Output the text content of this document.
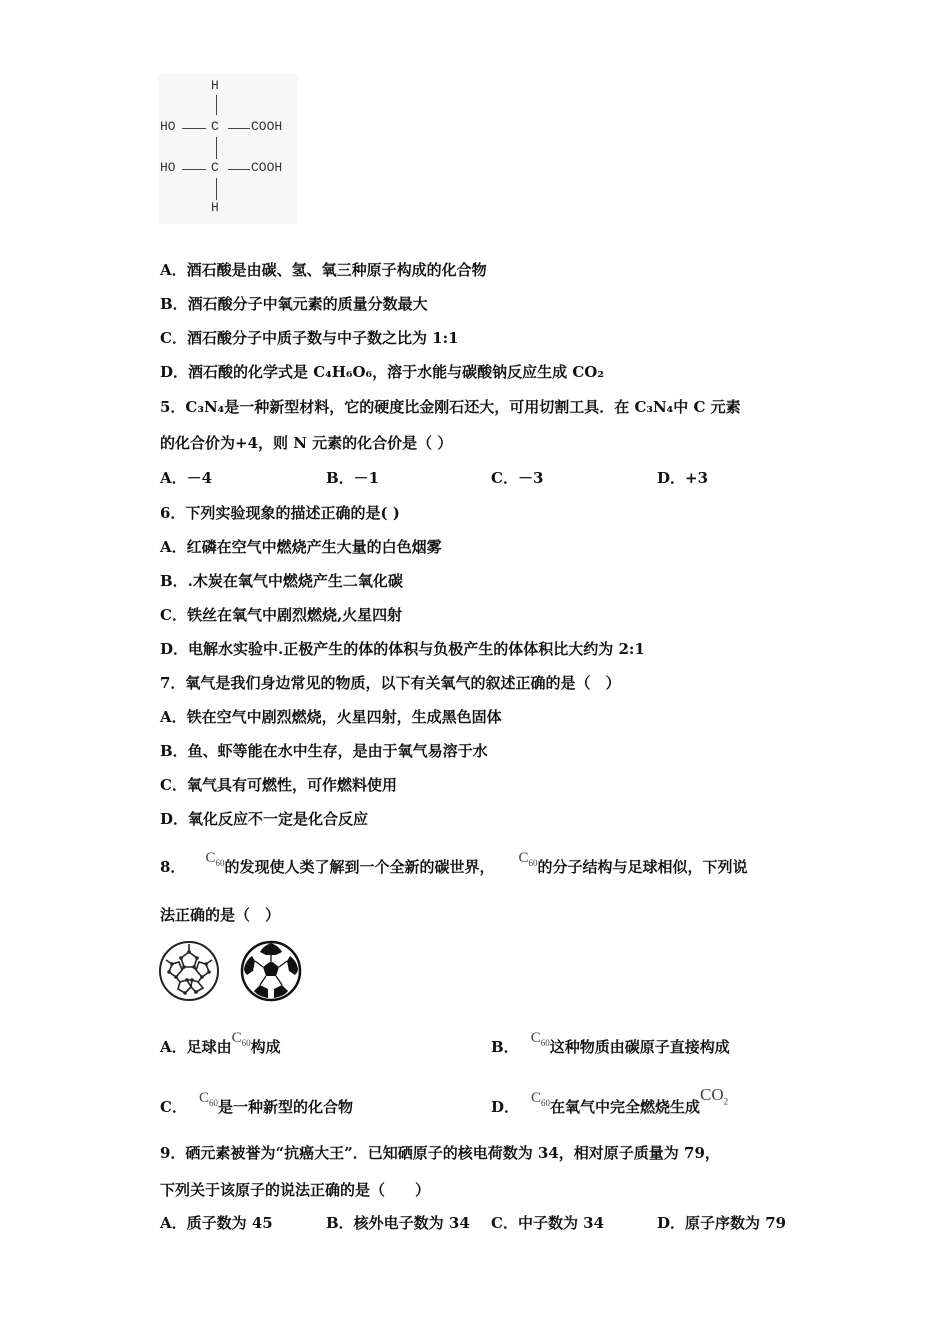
H
HO	C COOH
HO	C COOH
H
A．酒石酸是由碳、氢、氧三种原子构成的化合物
B．酒石酸分子中氧元素的质量分数最大
C．酒石酸分子中质子数与中子数之比为 1:1
D．酒石酸的化学式是 C₄H₆O₆，溶于水能与碳酸钠反应生成 CO₂
5．C₃N₄是一种新型材料，它的硬度比金刚石还大，可用切割工具．在 C₃N₄中 C 元素
的化合价为+4，则 N 元素的化合价是（ ）
A．－4	B．－1	C．－3	D．+3
6．下列实验现象的描述正确的是( )
A．红磷在空气中燃烧产生大量的白色烟雾
B．.木炭在氧气中燃烧产生二氧化碳
C．铁丝在氧气中剧烈燃烧,火星四射
D．电解水实验中.正极产生的体的体积与负极产生的体体积比大约为 2:1
7．氧气是我们身边常见的物质，以下有关氧气的叙述正确的是（　）
A．铁在空气中剧烈燃烧，火星四射，生成黑色固体
B．鱼、虾等能在水中生存，是由于氧气易溶于水
C．氧气具有可燃性，可作燃料使用
D．氧化反应不一定是化合反应
8． $C_{60}$的发现使人类了解到一个全新的碳世界， $C_{60}$的分子结构与足球相似，下列说
法正确的是（　）
A．足球由$C_{60}$构成	B． $C_{60}$这种物质由碳原子直接构成
C． $C_{60}$是一种新型的化合物	D． $C_{60}$在氧气中完全燃烧生成$CO_2$
9．硒元素被誉为“抗癌大王”．已知硒原子的核电荷数为 34，相对原子质量为 79，
下列关于该原子的说法正确的是（　　）
A．质子数为 45	B．核外电子数为 34 C．中子数为 34	D．原子序数为 79
